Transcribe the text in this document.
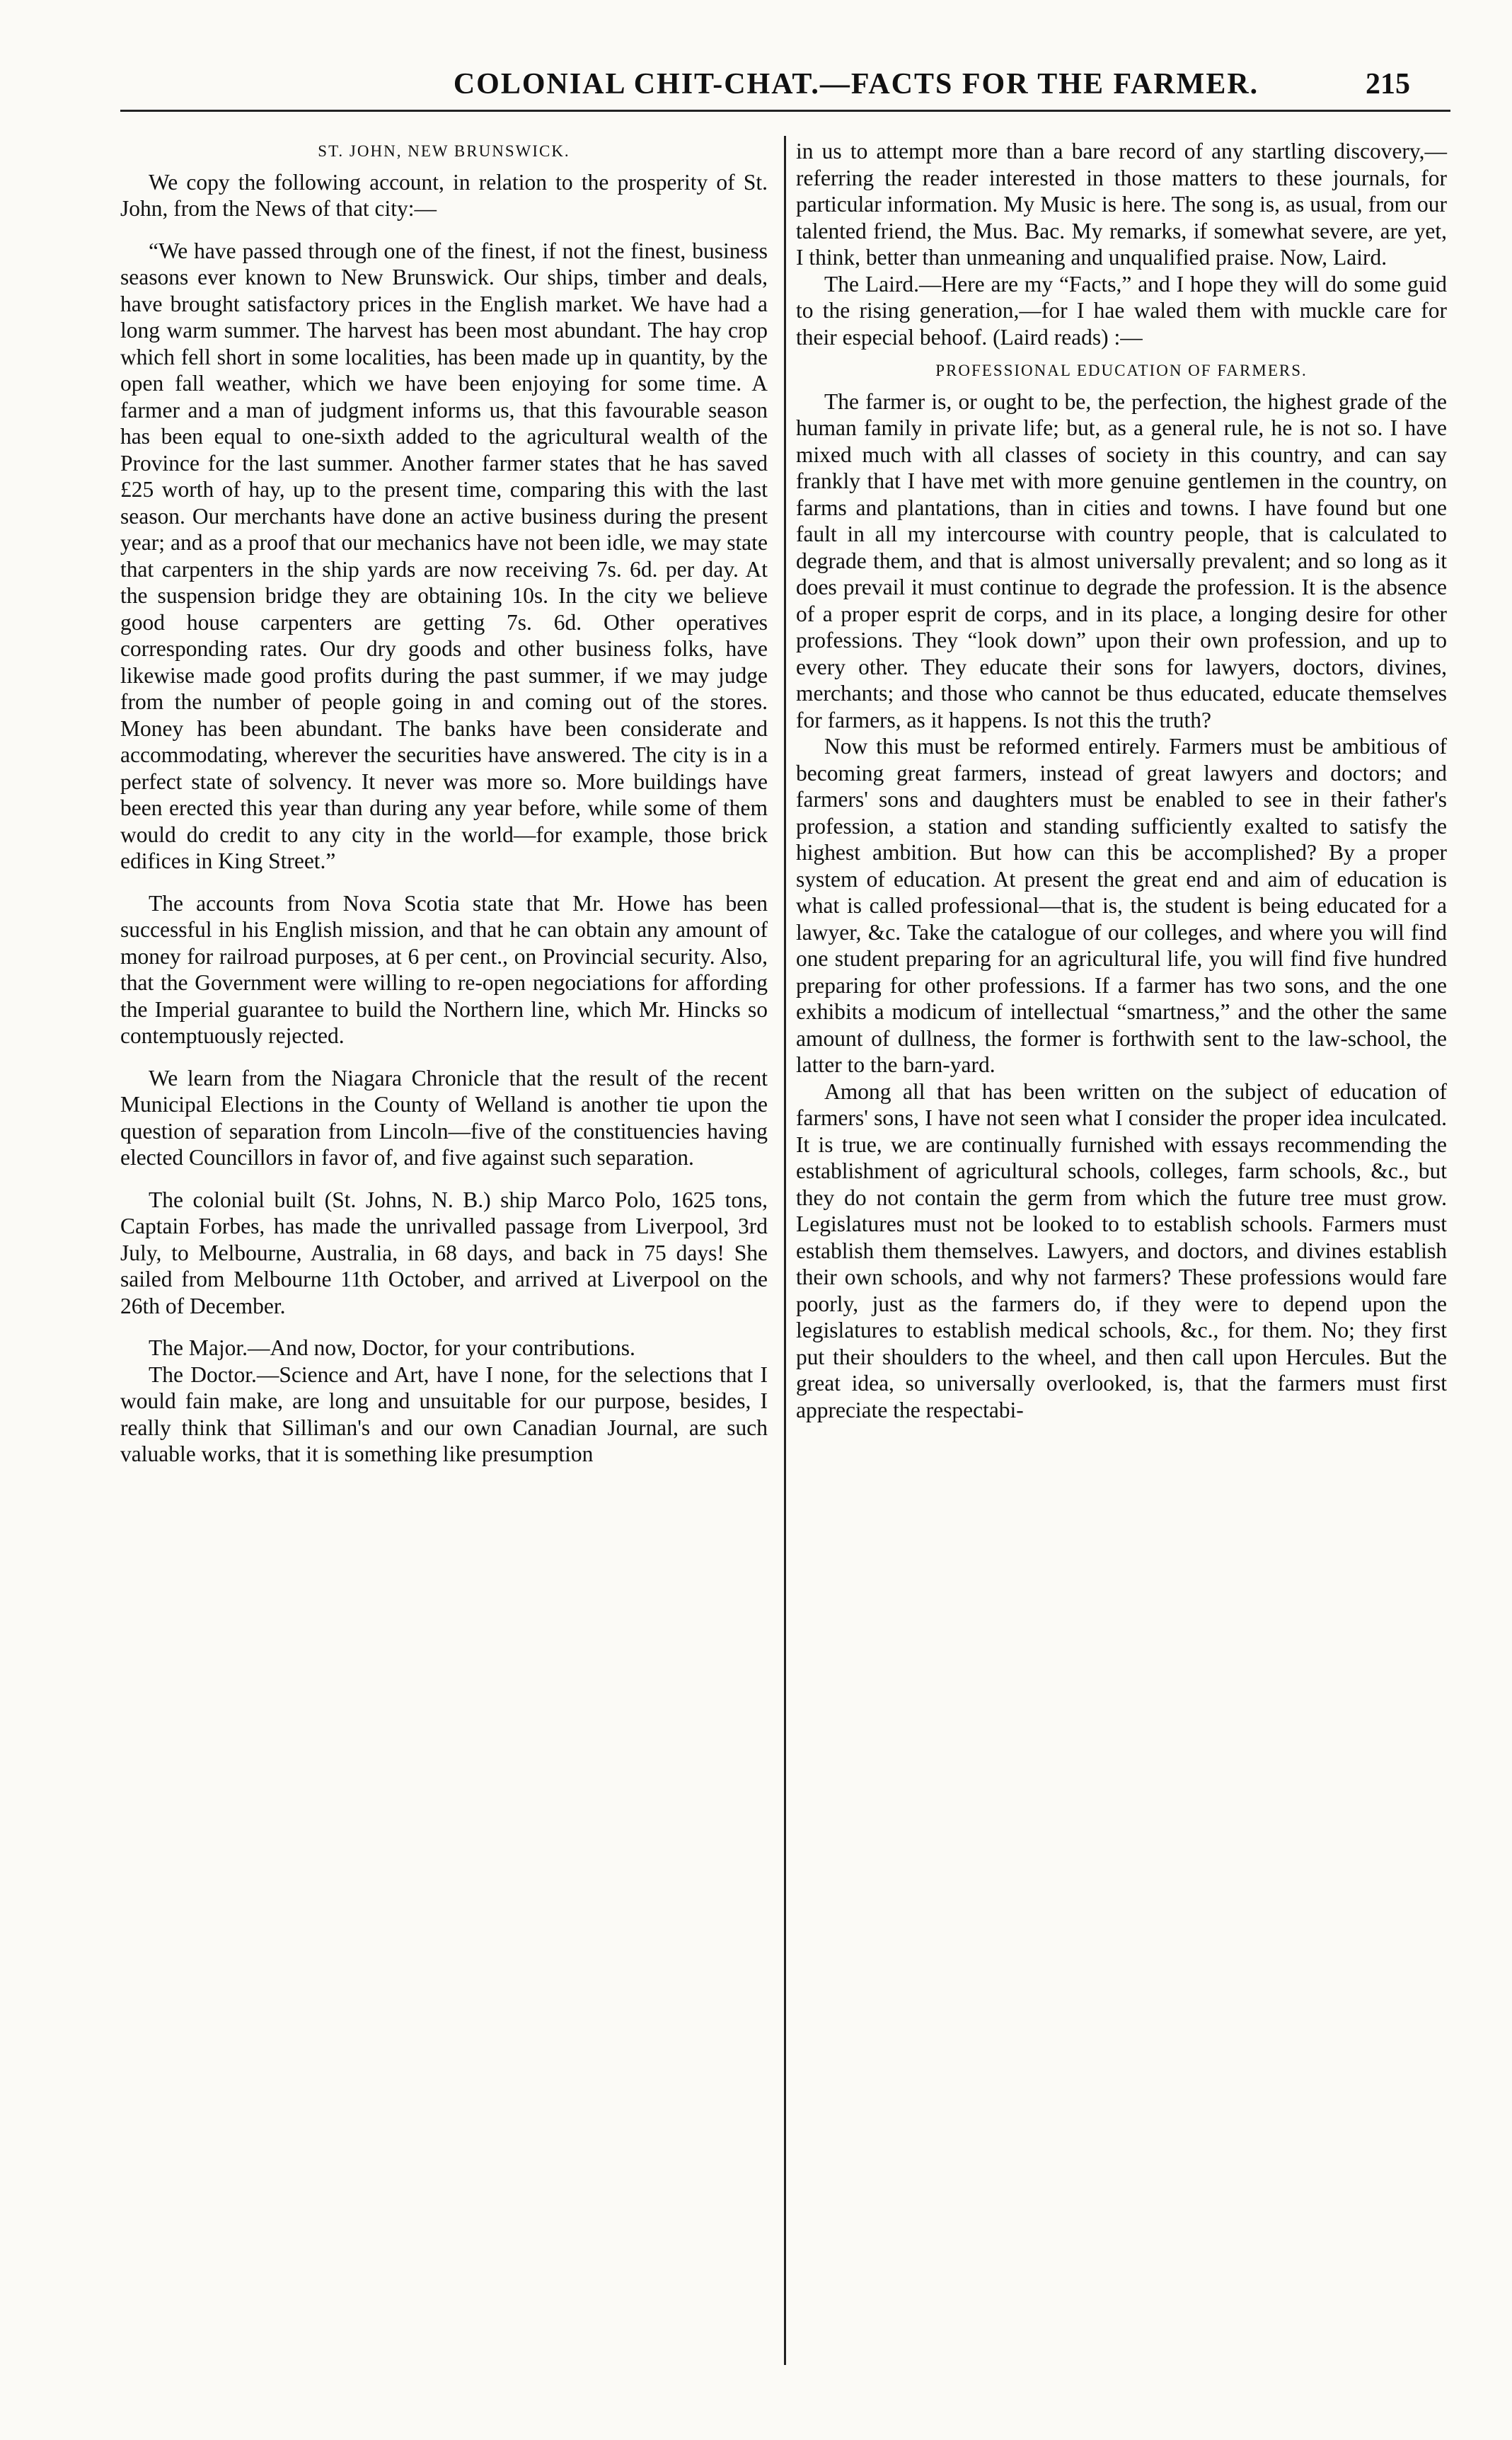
COLONIAL CHIT-CHAT.—FACTS FOR THE FARMER.	215
ST. JOHN, NEW BRUNSWICK.

We copy the following account, in relation to the prosperity of St. John, from the News of that city:—

“We have passed through one of the finest, if not the finest, business seasons ever known to New Brunswick. Our ships, timber and deals, have brought satisfactory prices in the English market. We have had a long warm summer. The harvest has been most abundant. The hay crop which fell short in some localities, has been made up in quantity, by the open fall weather, which we have been enjoying for some time. A farmer and a man of judgment informs us, that this favourable season has been equal to one-sixth added to the agricultural wealth of the Province for the last summer. Another farmer states that he has saved £25 worth of hay, up to the present time, comparing this with the last season. Our merchants have done an active business during the present year; and as a proof that our mechanics have not been idle, we may state that carpenters in the ship yards are now receiving 7s. 6d. per day. At the suspension bridge they are obtaining 10s. In the city we believe good house carpenters are getting 7s. 6d. Other operatives corresponding rates. Our dry goods and other business folks, have likewise made good profits during the past summer, if we may judge from the number of people going in and coming out of the stores. Money has been abundant. The banks have been considerate and accommodating, wherever the securities have answered. The city is in a perfect state of solvency. It never was more so. More buildings have been erected this year than during any year before, while some of them would do credit to any city in the world—for example, those brick edifices in King Street.”

The accounts from Nova Scotia state that Mr. Howe has been successful in his English mission, and that he can obtain any amount of money for railroad purposes, at 6 per cent., on Provincial security. Also, that the Government were willing to re-open negociations for affording the Imperial guarantee to build the Northern line, which Mr. Hincks so contemptuously rejected.

We learn from the Niagara Chronicle that the result of the recent Municipal Elections in the County of Welland is another tie upon the question of separation from Lincoln—five of the constituencies having elected Councillors in favor of, and five against such separation.

The colonial built (St. Johns, N. B.) ship Marco Polo, 1625 tons, Captain Forbes, has made the unrivalled passage from Liverpool, 3rd July, to Melbourne, Australia, in 68 days, and back in 75 days! She sailed from Melbourne 11th October, and arrived at Liverpool on the 26th of December.

The Major.—And now, Doctor, for your contributions.

The Doctor.—Science and Art, have I none, for the selections that I would fain make, are long and unsuitable for our purpose, besides, I really think that Silliman's and our own Canadian Journal, are such valuable works, that it is something like presumption

in us to attempt more than a bare record of any startling discovery,—referring the reader interested in those matters to these journals, for particular information. My Music is here. The song is, as usual, from our talented friend, the Mus. Bac. My remarks, if somewhat severe, are yet, I think, better than unmeaning and unqualified praise. Now, Laird.

The Laird.—Here are my “Facts,” and I hope they will do some guid to the rising generation,—for I hae waled them with muckle care for their especial behoof. (Laird reads) :—

PROFESSIONAL EDUCATION OF FARMERS.

The farmer is, or ought to be, the perfection, the highest grade of the human family in private life; but, as a general rule, he is not so. I have mixed much with all classes of society in this country, and can say frankly that I have met with more genuine gentlemen in the country, on farms and plantations, than in cities and towns. I have found but one fault in all my intercourse with country people, that is calculated to degrade them, and that is almost universally prevalent; and so long as it does prevail it must continue to degrade the profession. It is the absence of a proper esprit de corps, and in its place, a longing desire for other professions. They “look down” upon their own profession, and up to every other. They educate their sons for lawyers, doctors, divines, merchants; and those who cannot be thus educated, educate themselves for farmers, as it happens. Is not this the truth?

Now this must be reformed entirely. Farmers must be ambitious of becoming great farmers, instead of great lawyers and doctors; and farmers' sons and daughters must be enabled to see in their father's profession, a station and standing sufficiently exalted to satisfy the highest ambition. But how can this be accomplished? By a proper system of education. At present the great end and aim of education is what is called professional—that is, the student is being educated for a lawyer, &c. Take the catalogue of our colleges, and where you will find one student preparing for an agricultural life, you will find five hundred preparing for other professions. If a farmer has two sons, and the one exhibits a modicum of intellectual “smartness,” and the other the same amount of dullness, the former is forthwith sent to the law-school, the latter to the barn-yard.

Among all that has been written on the subject of education of farmers' sons, I have not seen what I consider the proper idea inculcated. It is true, we are continually furnished with essays recommending the establishment of agricultural schools, colleges, farm schools, &c., but they do not contain the germ from which the future tree must grow. Legislatures must not be looked to to establish schools. Farmers must establish them themselves. Lawyers, and doctors, and divines establish their own schools, and why not farmers? These professions would fare poorly, just as the farmers do, if they were to depend upon the legislatures to establish medical schools, &c., for them. No; they first put their shoulders to the wheel, and then call upon Hercules. But the great idea, so universally overlooked, is, that the farmers must first appreciate the respectabi-
